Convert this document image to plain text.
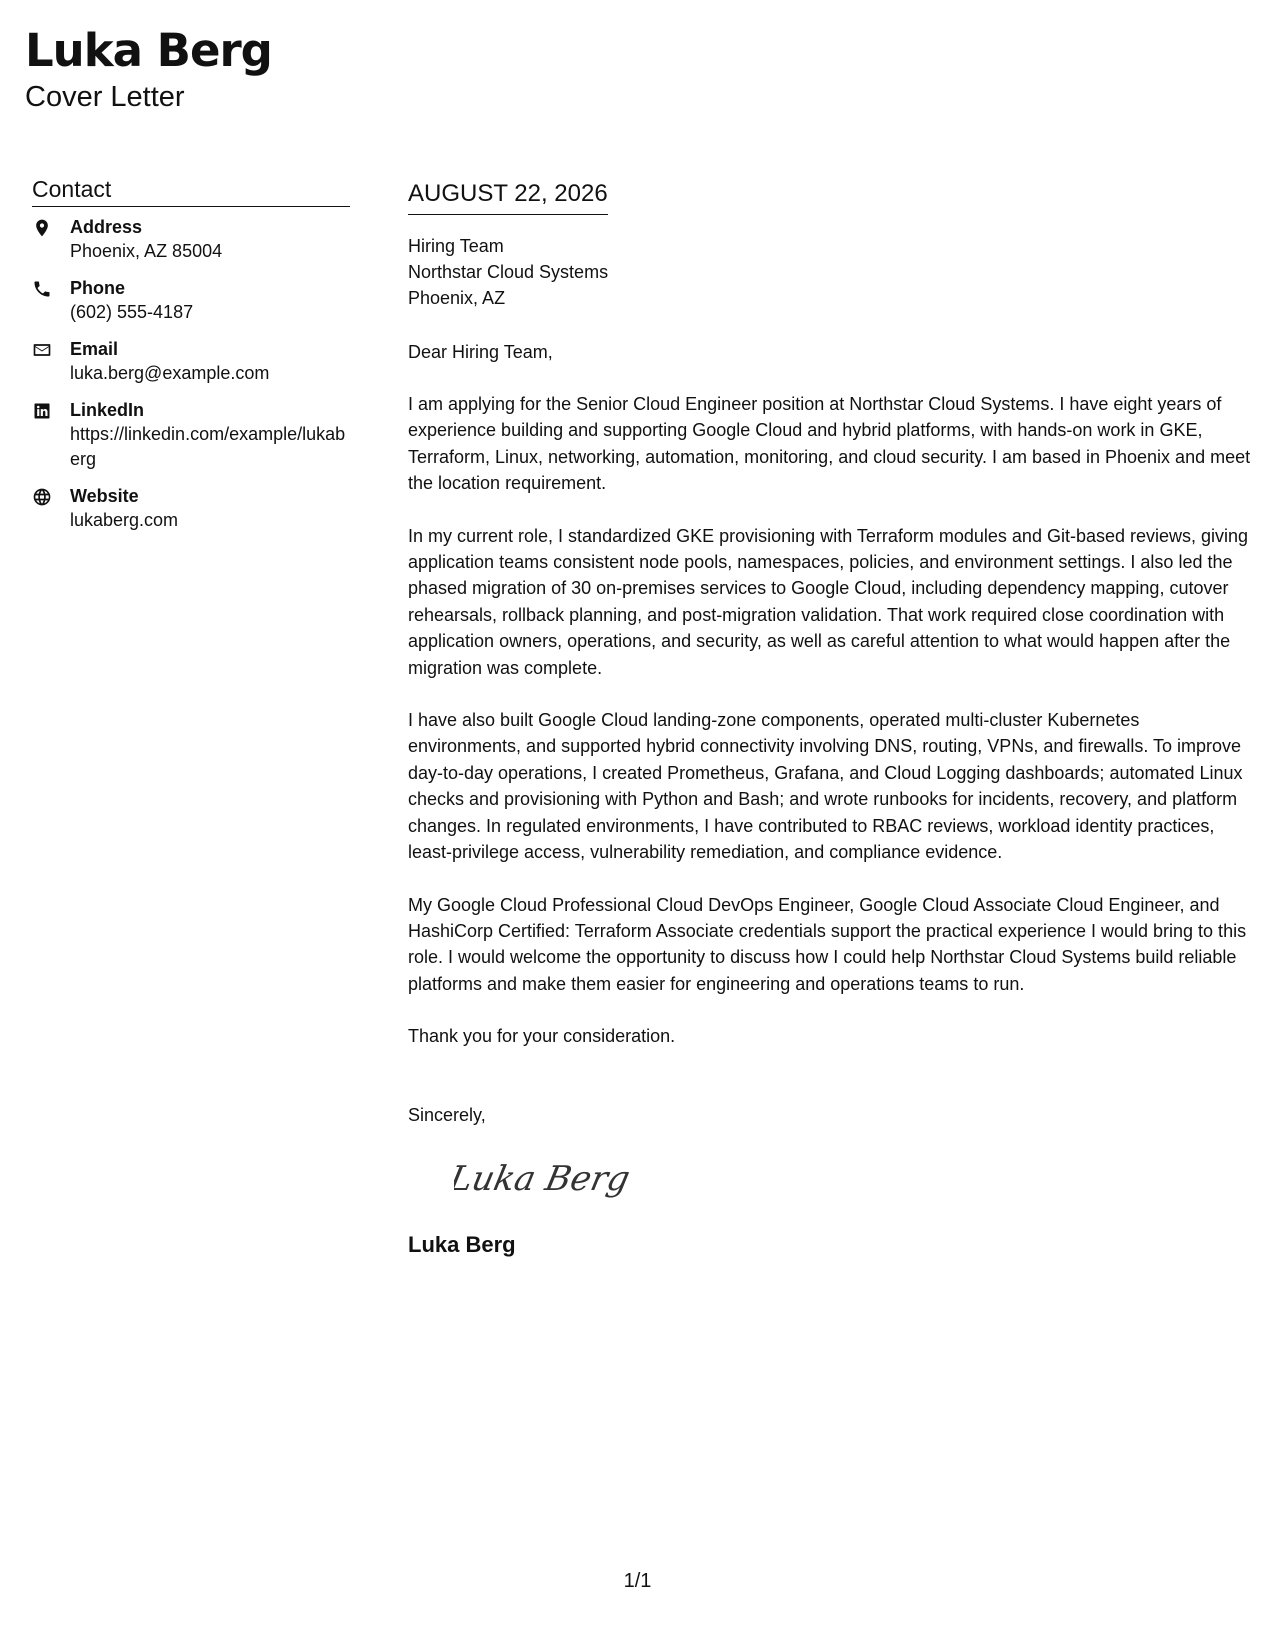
Luka Berg
Cover Letter
Contact
Address
Phoenix, AZ 85004
Phone
(602) 555-4187
Email
luka.berg@example.com
LinkedIn
https://linkedin.com/example/lukaberg
Website
lukaberg.com
AUGUST 22, 2026
Hiring Team
Northstar Cloud Systems
Phoenix, AZ
Dear Hiring Team,

I am applying for the Senior Cloud Engineer position at Northstar Cloud Systems. I have eight years of experience building and supporting Google Cloud and hybrid platforms, with hands-on work in GKE, Terraform, Linux, networking, automation, monitoring, and cloud security. I am based in Phoenix and meet the location requirement.

In my current role, I standardized GKE provisioning with Terraform modules and Git-based reviews, giving application teams consistent node pools, namespaces, policies, and environment settings. I also led the phased migration of 30 on-premises services to Google Cloud, including dependency mapping, cutover rehearsals, rollback planning, and post-migration validation. That work required close coordination with application owners, operations, and security, as well as careful attention to what would happen after the migration was complete.

I have also built Google Cloud landing-zone components, operated multi-cluster Kubernetes environments, and supported hybrid connectivity involving DNS, routing, VPNs, and firewalls. To improve day-to-day operations, I created Prometheus, Grafana, and Cloud Logging dashboards; automated Linux checks and provisioning with Python and Bash; and wrote runbooks for incidents, recovery, and platform changes. In regulated environments, I have contributed to RBAC reviews, workload identity practices, least-privilege access, vulnerability remediation, and compliance evidence.

My Google Cloud Professional Cloud DevOps Engineer, Google Cloud Associate Cloud Engineer, and HashiCorp Certified: Terraform Associate credentials support the practical experience I would bring to this role. I would welcome the opportunity to discuss how I could help Northstar Cloud Systems build reliable platforms and make them easier for engineering and operations teams to run.

Thank you for your consideration.

Sincerely,
Luka Berg
Luka Berg
1/1
